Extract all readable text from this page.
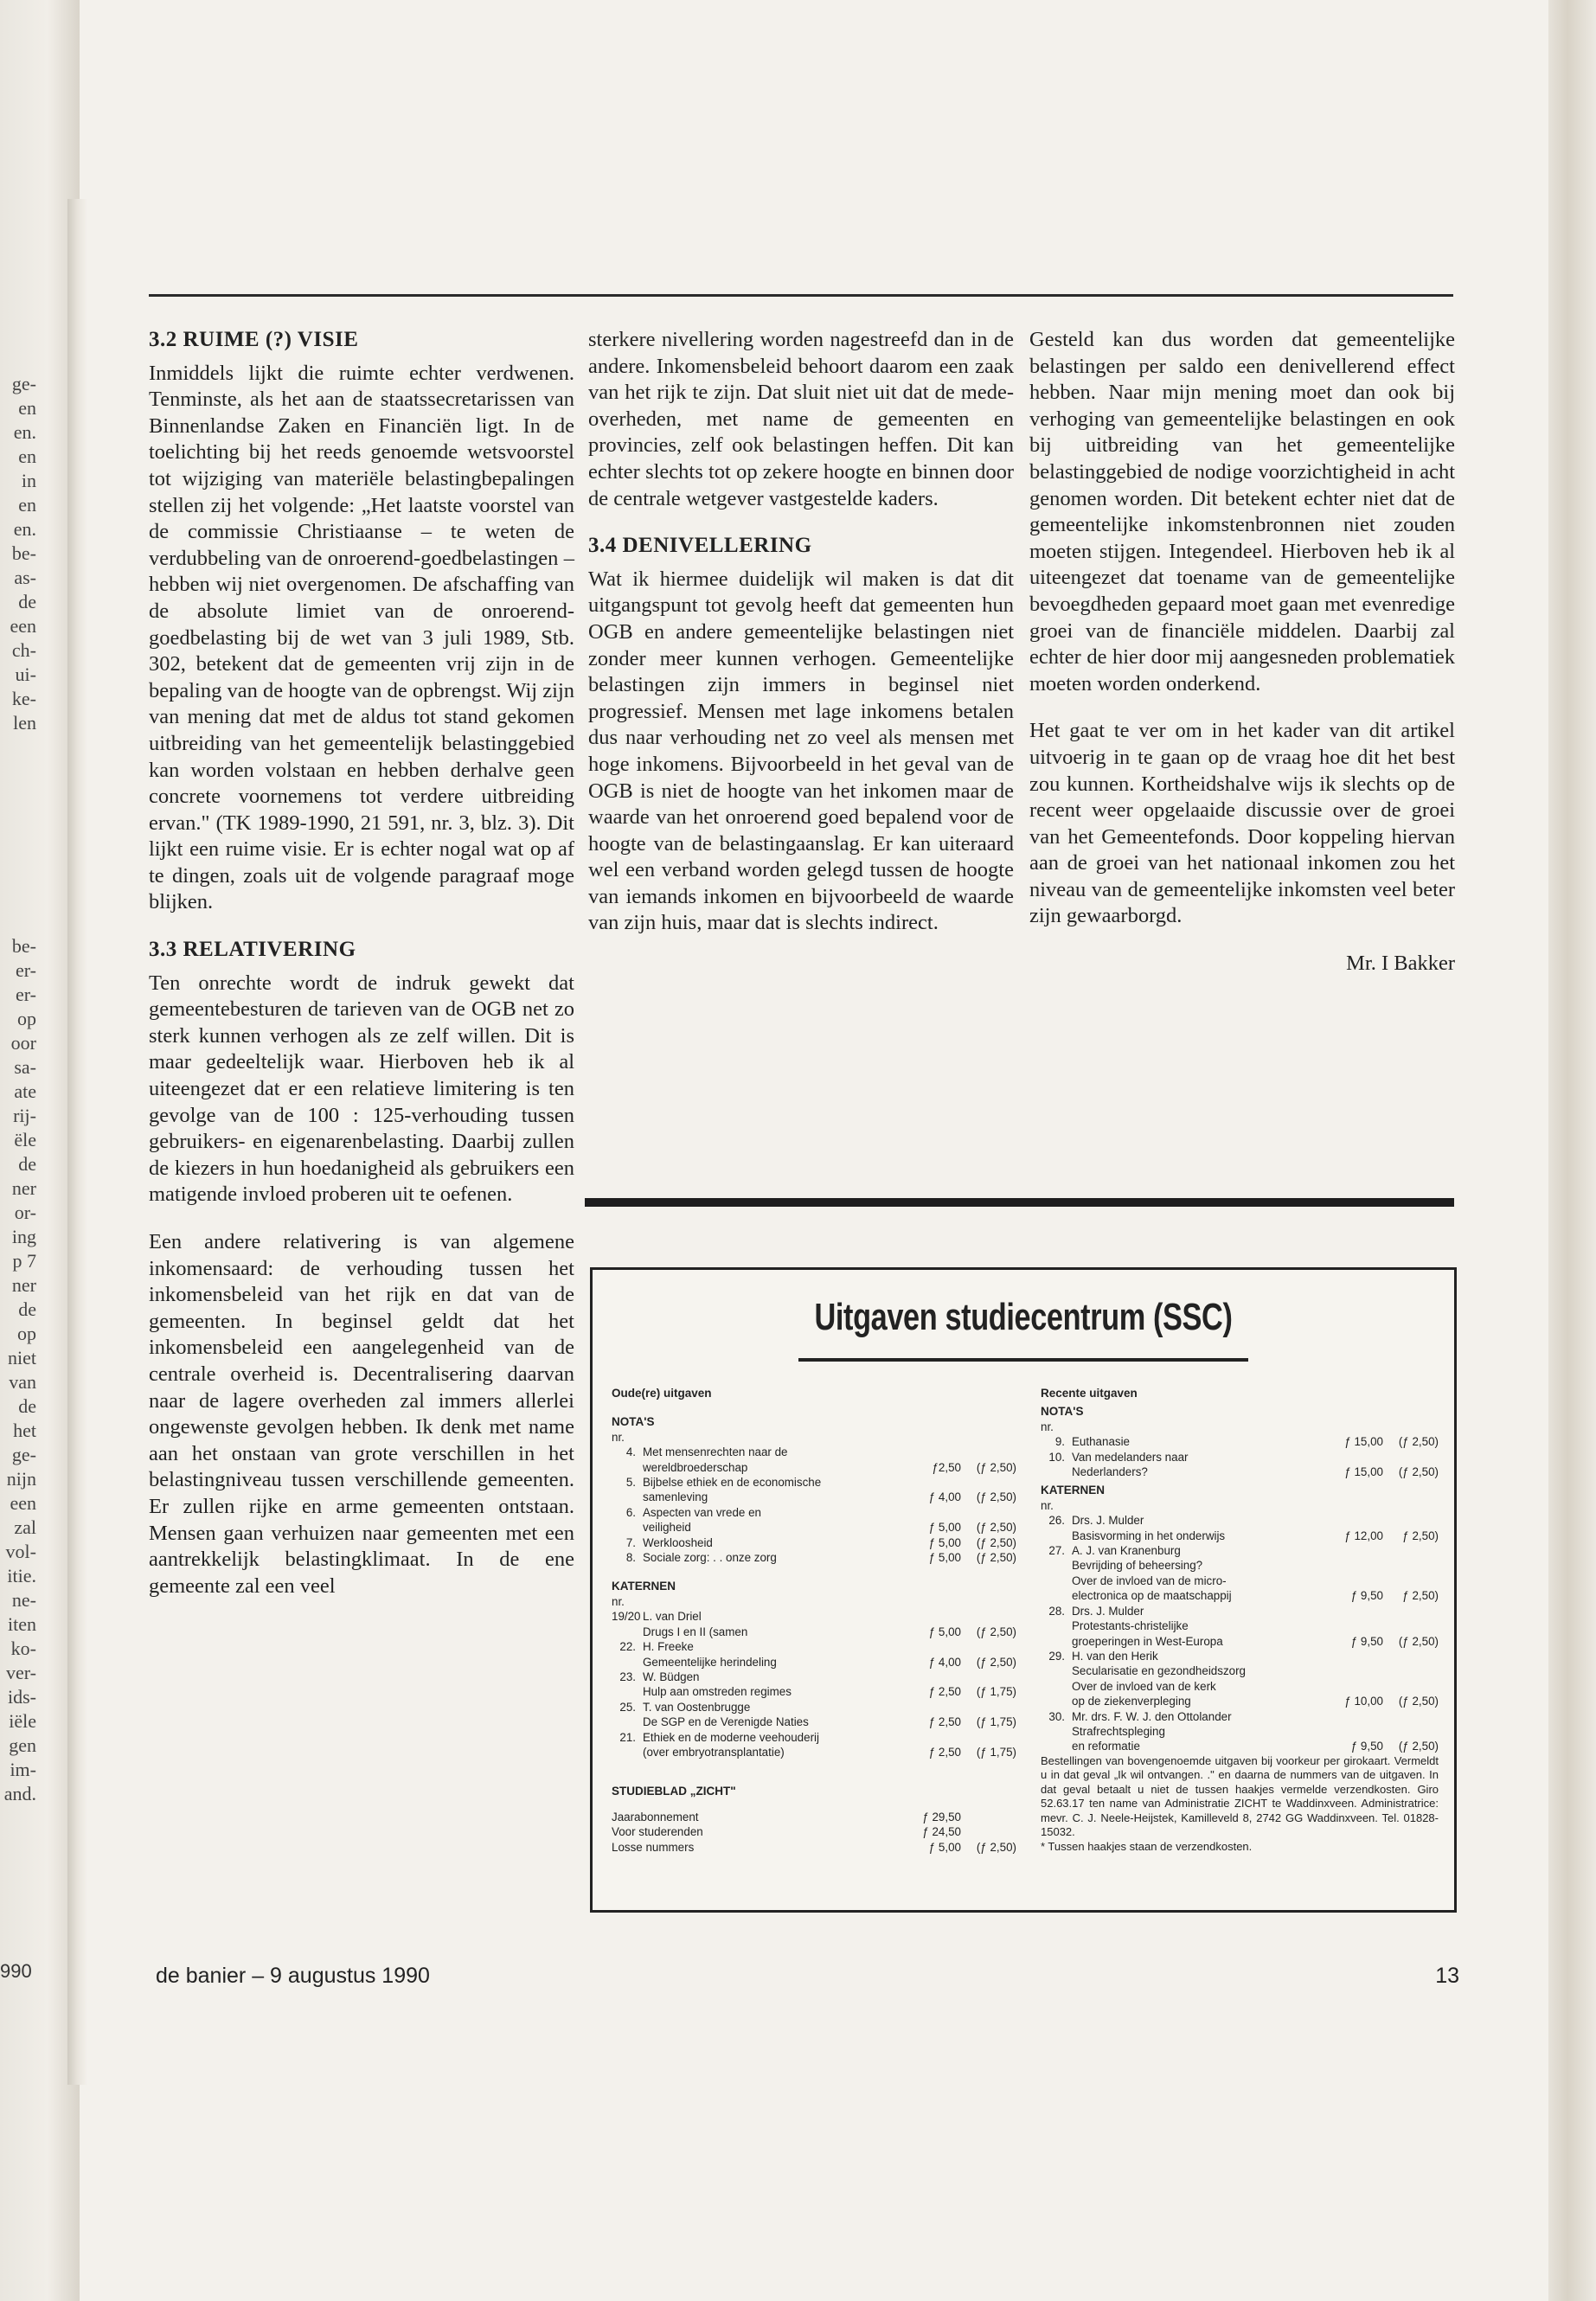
ge-
en
en.
en
in
en
en.
be-
as-
de
een
ch-
ui-
ke-
len
be-
er-
er-
op
oor
sa-
ate
rij-
ële
de
ner
or-
ing
p 7
ner
de
op
niet
van
de
het
ge-
nijn
een
zal
vol-
itie.
ne-
iten
ko-
ver-
ids-
iële
gen
im-
and.
990
3.2 RUIME (?) VISIE

Inmiddels lijkt die ruimte echter verdwenen. Tenminste, als het aan de staatssecretarissen van Binnenlandse Zaken en Financiën ligt. In de toelichting bij het reeds genoemde wetsvoorstel tot wijziging van materiële belastingbepalingen stellen zij het volgende: „Het laatste voorstel van de commissie Christiaanse – te weten de verdubbeling van de onroerend-goedbelastingen – hebben wij niet overgenomen. De afschaffing van de absolute limiet van de onroerend-goedbelasting bij de wet van 3 juli 1989, Stb. 302, betekent dat de gemeenten vrij zijn in de bepaling van de hoogte van de opbrengst. Wij zijn van mening dat met de aldus tot stand gekomen uitbreiding van het gemeentelijk belastinggebied kan worden volstaan en hebben derhalve geen concrete voornemens tot verdere uitbreiding ervan." (TK 1989-1990, 21 591, nr. 3, blz. 3). Dit lijkt een ruime visie. Er is echter nogal wat op af te dingen, zoals uit de volgende paragraaf moge blijken.

3.3 RELATIVERING

Ten onrechte wordt de indruk gewekt dat gemeentebesturen de tarieven van de OGB net zo sterk kunnen verhogen als ze zelf willen. Dit is maar gedeeltelijk waar. Hierboven heb ik al uiteengezet dat er een relatieve limitering is ten gevolge van de 100 : 125-verhouding tussen gebruikers- en eigenarenbelasting. Daarbij zullen de kiezers in hun hoedanigheid als gebruikers een matigende invloed proberen uit te oefenen.

Een andere relativering is van algemene inkomensaard: de verhouding tussen het inkomensbeleid van het rijk en dat van de gemeenten. In beginsel geldt dat het inkomensbeleid een aangelegenheid van de centrale overheid is. Decentralisering daarvan naar de lagere overheden zal immers allerlei ongewenste gevolgen hebben. Ik denk met name aan het onstaan van grote verschillen in het belastingniveau tussen verschillende gemeenten. Er zullen rijke en arme gemeenten ontstaan. Mensen gaan verhuizen naar gemeenten met een aantrekkelijk belastingklimaat. In de ene gemeente zal een veel

sterkere nivellering worden nagestreefd dan in de andere. Inkomensbeleid behoort daarom een zaak van het rijk te zijn. Dat sluit niet uit dat de mede-overheden, met name de gemeenten en provincies, zelf ook belastingen heffen. Dit kan echter slechts tot op zekere hoogte en binnen door de centrale wetgever vastgestelde kaders.

3.4 DENIVELLERING

Wat ik hiermee duidelijk wil maken is dat dit uitgangspunt tot gevolg heeft dat gemeenten hun OGB en andere gemeentelijke belastingen niet zonder meer kunnen verhogen. Gemeentelijke belastingen zijn immers in beginsel niet progressief. Mensen met lage inkomens betalen dus naar verhouding net zo veel als mensen met hoge inkomens. Bijvoorbeeld in het geval van de OGB is niet de hoogte van het inkomen maar de waarde van het onroerend goed bepalend voor de hoogte van de belastingaanslag. Er kan uiteraard wel een verband worden gelegd tussen de hoogte van iemands inkomen en bijvoorbeeld de waarde van zijn huis, maar dat is slechts indirect.

Gesteld kan dus worden dat gemeentelijke belastingen per saldo een denivellerend effect hebben. Naar mijn mening moet dan ook bij verhoging van gemeentelijke belastingen en ook bij uitbreiding van het gemeentelijke belastinggebied de nodige voorzichtigheid in acht genomen worden. Dit betekent echter niet dat de gemeentelijke inkomstenbronnen niet zouden moeten stijgen. Integendeel. Hierboven heb ik al uiteengezet dat toename van de gemeentelijke bevoegdheden gepaard moet gaan met evenredige groei van de financiële middelen. Daarbij zal echter de hier door mij aangesneden problematiek moeten worden onderkend.

Het gaat te ver om in het kader van dit artikel uitvoerig in te gaan op de vraag hoe dit het best zou kunnen. Kortheidshalve wijs ik slechts op de recent weer opgelaaide discussie over de groei van het Gemeentefonds. Door koppeling hiervan aan de groei van het nationaal inkomen zou het niveau van de gemeentelijke inkomsten veel beter zijn gewaarborgd.

Mr. I Bakker
Uitgaven studiecentrum (SSC)
Oude(re) uitgaven
NOTA'S
nr.
4. Met mensenrechten naar de
wereldbroederschap	ƒ2,50	(ƒ 2,50)
5. Bijbelse ethiek en de economische
samenleving	ƒ 4,00	(ƒ 2,50)
6. Aspecten van vrede en
veiligheid	ƒ 5,00	(ƒ 2,50)
7. Werkloosheid	ƒ 5,00	(ƒ 2,50)
8. Sociale zorg: . . onze zorg	ƒ 5,00	(ƒ 2,50)
KATERNEN
nr.
19/20 L. van Driel
Drugs I en II (samen	ƒ 5,00	(ƒ 2,50)
22. H. Freeke
Gemeentelijke herindeling	ƒ 4,00	(ƒ 2,50)
23. W. Büdgen
Hulp aan omstreden regimes	ƒ 2,50	(ƒ 1,75)
25. T. van Oostenbrugge
De SGP en de Verenigde Naties	ƒ 2,50	(ƒ 1,75)
21. Ethiek en de moderne veehouderij
(over embryotransplantatie)	ƒ 2,50	(ƒ 1,75)
STUDIEBLAD „ZICHT"
Jaarabonnement	ƒ 29,50
Voor studerenden	ƒ 24,50
Losse nummers	ƒ 5,00	(ƒ 2,50)
Recente uitgaven
NOTA'S
nr.
9. Euthanasie	ƒ 15,00	(ƒ 2,50)
10. Van medelanders naar
Nederlanders?	ƒ 15,00	(ƒ 2,50)
KATERNEN
nr.
26. Drs. J. Mulder
Basisvorming in het onderwijs	ƒ 12,00	ƒ 2,50)
27. A. J. van Kranenburg
Bevrijding of beheersing?
Over de invloed van de micro-
electronica op de maatschappij	ƒ 9,50	ƒ 2,50)
28. Drs. J. Mulder
Protestants-christelijke
groeperingen in West-Europa	ƒ 9,50	(ƒ 2,50)
29. H. van den Herik
Secularisatie en gezondheidszorg
Over de invloed van de kerk
op de ziekenverpleging	ƒ 10,00	(ƒ 2,50)
30. Mr. drs. F. W. J. den Ottolander
Strafrechtspleging
en reformatie	ƒ 9,50	(ƒ 2,50)
Bestellingen van bovengenoemde uitgaven bij voorkeur per girokaart. Vermeldt u in dat geval „Ik wil ontvangen. ." en daarna de nummers van de uitgaven. In dat geval betaalt u niet de tussen haakjes vermelde verzendkosten. Giro 52.63.17 ten name van Administratie ZICHT te Waddinxveen. Administratrice: mevr. C. J. Neele-Heijstek, Kamilleveld 8, 2742 GG Waddinxveen. Tel. 01828-15032.
* Tussen haakjes staan de verzendkosten.
de banier – 9 augustus 1990	13
